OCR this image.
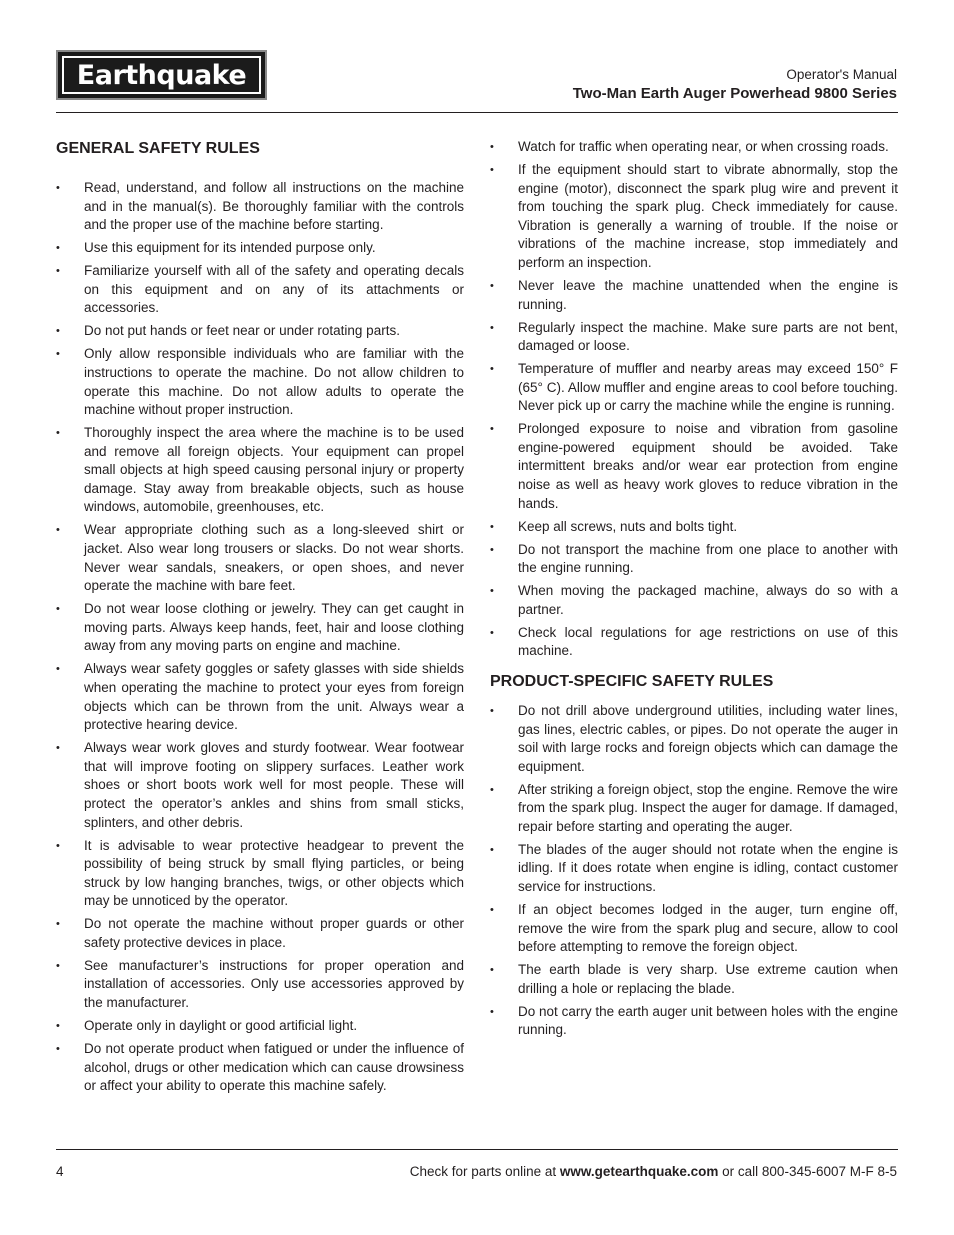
Earthquake	Operator's Manual
Two-Man Earth Auger Powerhead 9800 Series
GENERAL SAFETY RULES
•	Read, understand, and follow all instructions on the machine and in the manual(s). Be thoroughly familiar with the controls and the proper use of the machine before starting.
•	Use this equipment for its intended purpose only.
•	Familiarize yourself with all of the safety and operating decals on this equipment and on any of its attachments or accessories.
•	Do not put hands or feet near or under rotating parts.
•	Only allow responsible individuals who are familiar with the instructions to operate the machine. Do not allow children to operate this machine. Do not allow adults to operate the machine without proper instruction.
•	Thoroughly inspect the area where the machine is to be used and remove all foreign objects. Your equipment can propel small objects at high speed causing personal injury or property damage. Stay away from breakable objects, such as house windows, automobile, greenhouses, etc.
•	Wear appropriate clothing such as a long-sleeved shirt or jacket. Also wear long trousers or slacks. Do not wear shorts. Never wear sandals, sneakers, or open shoes, and never operate the machine with bare feet.
•	Do not wear loose clothing or jewelry. They can get caught in moving parts. Always keep hands, feet, hair and loose clothing away from any moving parts on engine and machine.
•	Always wear safety goggles or safety glasses with side shields when operating the machine to protect your eyes from foreign objects which can be thrown from the unit. Always wear a protective hearing device.
•	Always wear work gloves and sturdy footwear. Wear footwear that will improve footing on slippery surfaces. Leather work shoes or short boots work well for most people. These will protect the operator’s ankles and shins from small sticks, splinters, and other debris.
•	It is advisable to wear protective headgear to prevent the possibility of being struck by small flying particles, or being struck by low hanging branches, twigs, or other objects which may be unnoticed by the operator.
•	Do not operate the machine without proper guards or other safety protective devices in place.
•	See manufacturer’s instructions for proper operation and installation of accessories. Only use accessories approved by the manufacturer.
•	Operate only in daylight or good artificial light.
•	Do not operate product when fatigued or under the influence of alcohol, drugs or other medication which can cause drowsiness or affect your ability to operate this machine safely.
•	Watch for traffic when operating near, or when crossing roads.
•	If the equipment should start to vibrate abnormally, stop the engine (motor), disconnect the spark plug wire and prevent it from touching the spark plug. Check immediately for cause. Vibration is generally a warning of trouble. If the noise or vibrations of the machine increase, stop immediately and perform an inspection.
•	Never leave the machine unattended when the engine is running.
•	Regularly inspect the machine. Make sure parts are not bent, damaged or loose.
•	Temperature of muffler and nearby areas may exceed 150° F (65° C). Allow muffler and engine areas to cool before touching. Never pick up or carry the machine while the engine is running.
•	Prolonged exposure to noise and vibration from gasoline engine-powered equipment should be avoided. Take intermittent breaks and/or wear ear protection from engine noise as well as heavy work gloves to reduce vibration in the hands.
•	Keep all screws, nuts and bolts tight.
•	Do not transport the machine from one place to another with the engine running.
•	When moving the packaged machine, always do so with a partner.
•	Check local regulations for age restrictions on use of this machine.
PRODUCT-SPECIFIC SAFETY RULES
•	Do not drill above underground utilities, including water lines, gas lines, electric cables, or pipes. Do not operate the auger in soil with large rocks and foreign objects which can damage the equipment.
•	After striking a foreign object, stop the engine. Remove the wire from the spark plug. Inspect the auger for damage. If damaged, repair before starting and operating the auger.
•	The blades of the auger should not rotate when the engine is idling. If it does rotate when engine is idling, contact customer service for instructions.
•	If an object becomes lodged in the auger, turn engine off, remove the wire from the spark plug and secure, allow to cool before attempting to remove the foreign object.
•	The earth blade is very sharp. Use extreme caution when drilling a hole or replacing the blade.
•	Do not carry the earth auger unit between holes with the engine running.
4	Check for parts online at www.getearthquake.com or call 800-345-6007 M-F 8-5
